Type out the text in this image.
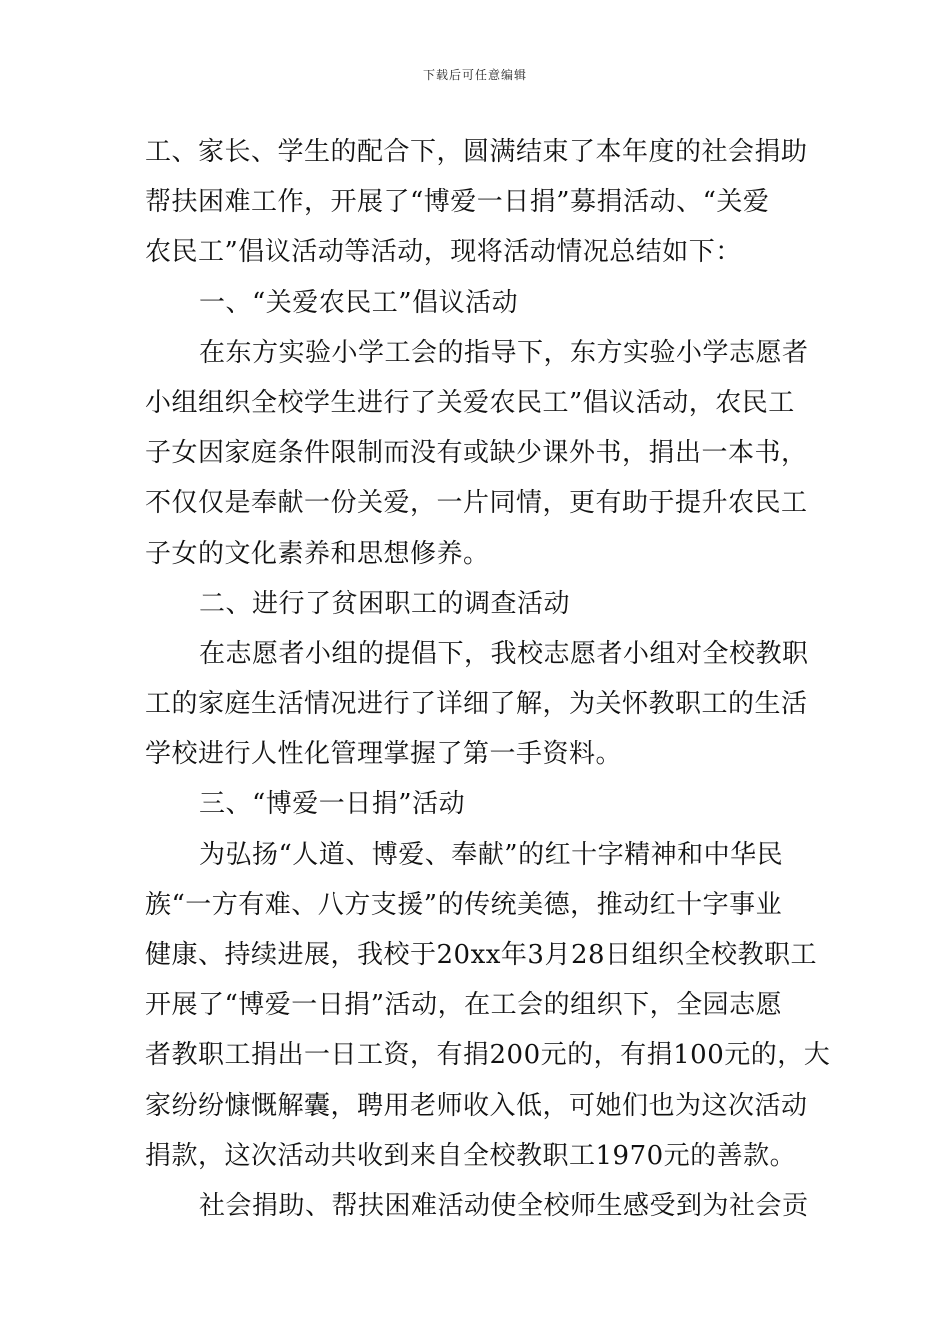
下载后可任意编辑
工、家长、学生的配合下，圆满结束了本年度的社会捐助
帮扶困难工作，开展了“博爱一日捐”募捐活动、“关爱
农民工”倡议活动等活动，现将活动情况总结如下：
一、“关爱农民工”倡议活动
在东方实验小学工会的指导下，东方实验小学志愿者
小组组织全校学生进行了关爱农民工”倡议活动，农民工
子女因家庭条件限制而没有或缺少课外书，捐出一本书，
不仅仅是奉献一份关爱，一片同情，更有助于提升农民工
子女的文化素养和思想修养。
二、进行了贫困职工的调查活动
在志愿者小组的提倡下，我校志愿者小组对全校教职
工的家庭生活情况进行了详细了解，为关怀教职工的生活
学校进行人性化管理掌握了第一手资料。
三、“博爱一日捐”活动
为弘扬“人道、博爱、奉献”的红十字精神和中华民
族“一方有难、八方支援”的传统美德，推动红十字事业
健康、持续进展，我校于20xx年3月28日组织全校教职工
开展了“博爱一日捐”活动，在工会的组织下，全园志愿
者教职工捐出一日工资，有捐200元的，有捐100元的，大
家纷纷慷慨解囊，聘用老师收入低，可她们也为这次活动
捐款，这次活动共收到来自全校教职工1970元的善款。
社会捐助、帮扶困难活动使全校师生感受到为社会贡
